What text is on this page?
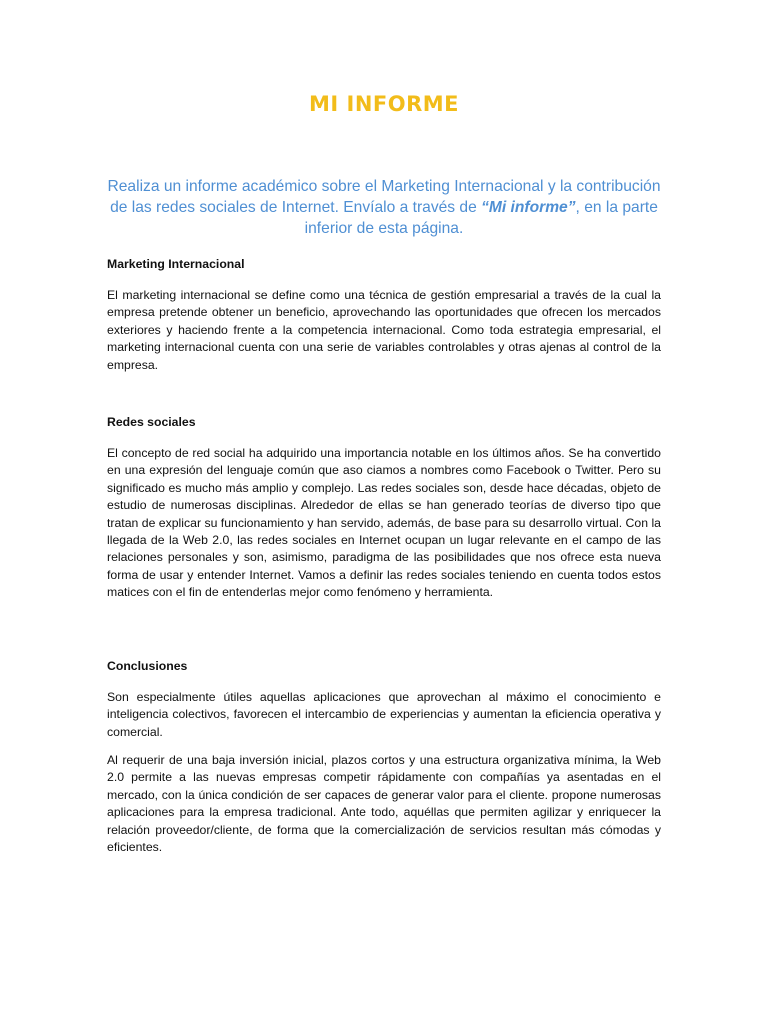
MI INFORME

Realiza un informe académico sobre el Marketing Internacional y la contribución de las redes sociales de Internet. Envíalo a través de “Mi informe”, en la parte inferior de esta página.

Marketing Internacional

El marketing internacional se define como una técnica de gestión empresarial a través de la cual la empresa pretende obtener un beneficio, aprovechando las oportunidades que ofrecen los mercados exteriores y haciendo frente a la competencia internacional. Como toda estrategia empresarial, el marketing internacional cuenta con una serie de variables controlables y otras ajenas al control de la empresa.

Redes sociales

El concepto de red social ha adquirido una importancia notable en los últimos años. Se ha convertido en una expresión del lenguaje común que aso ciamos a nombres como Facebook o Twitter. Pero su significado es mucho más amplio y complejo. Las redes sociales son, desde hace décadas, objeto de estudio de numerosas disciplinas. Alrededor de ellas se han generado teorías de diverso tipo que tratan de explicar su funcionamiento y han servido, además, de base para su desarrollo virtual. Con la llegada de la Web 2.0, las redes sociales en Internet ocupan un lugar relevante en el campo de las relaciones personales y son, asimismo, paradigma de las posibilidades que nos ofrece esta nueva forma de usar y entender Internet. Vamos a definir las redes sociales teniendo en cuenta todos estos matices con el fin de entenderlas mejor como fenómeno y herramienta.

Conclusiones

Son especialmente útiles aquellas aplicaciones que aprovechan al máximo el conocimiento e inteligencia colectivos, favorecen el intercambio de experiencias y aumentan la eficiencia operativa y comercial.

Al requerir de una baja inversión inicial, plazos cortos y una estructura organizativa mínima, la Web 2.0 permite a las nuevas empresas competir rápidamente con compañías ya asentadas en el mercado, con la única condición de ser capaces de generar valor para el cliente. propone numerosas aplicaciones para la empresa tradicional. Ante todo, aquéllas que permiten agilizar y enriquecer la relación proveedor/cliente, de forma que la comercialización de servicios resultan más cómodas y eficientes.
